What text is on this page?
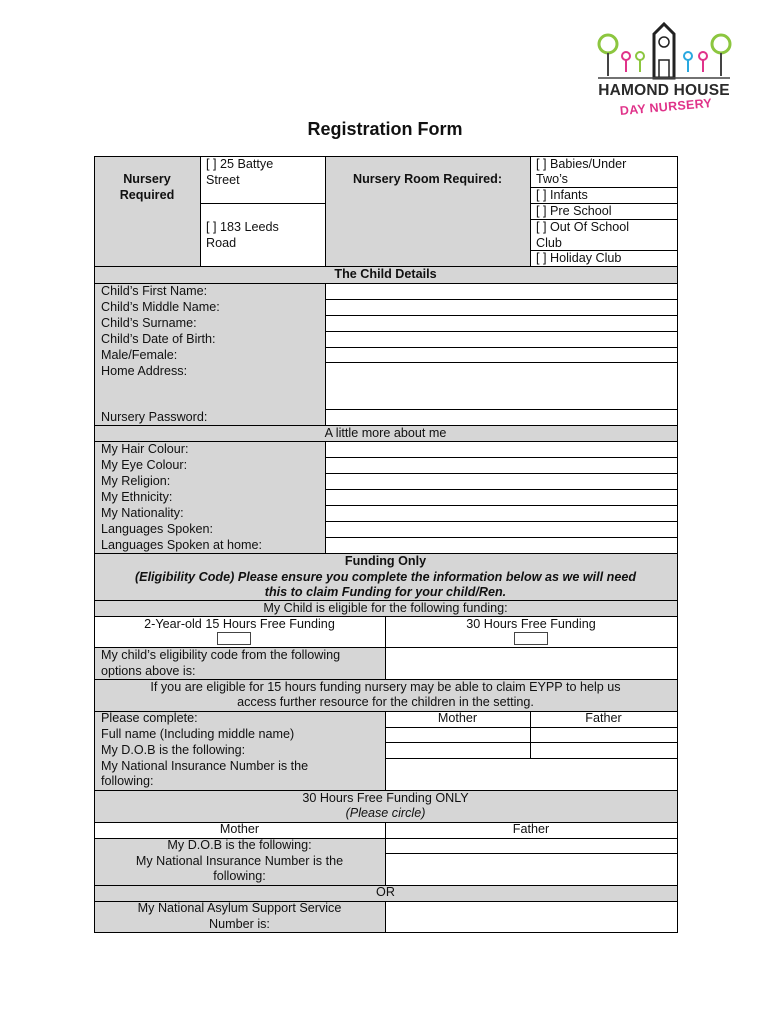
HAMOND HOUSE
DAY NURSERY
Registration Form
Nursery
Required
[ ] 25 Battye
Street
[ ] 183 Leeds
Road
Nursery Room Required:
[ ] Babies/Under
Two’s
[ ] Infants
[ ] Pre School
[ ] Out Of School
Club
[ ] Holiday Club
The Child Details
Child’s First Name:
Child’s Middle Name:
Child’s Surname:
Child’s Date of Birth:
Male/Female:
Home Address:
Nursery Password:
A little more about me
My Hair Colour:
My Eye Colour:
My Religion:
My Ethnicity:
My Nationality:
Languages Spoken:
Languages Spoken at home:
Funding Only
(Eligibility Code) Please ensure you complete the information below as we will need
this to claim Funding for your child/Ren.
My Child is eligible for the following funding:
2-Year-old 15 Hours Free Funding	30 Hours Free Funding
My child’s eligibility code from the following
options above is:
If you are eligible for 15 hours funding nursery may be able to claim EYPP to help us
access further resource for the children in the setting.
Please complete:	Mother	Father
Full name (Including middle name)
My D.O.B is the following:
My National Insurance Number is the
following:
30 Hours Free Funding ONLY
(Please circle)
Mother	Father
My D.O.B is the following:
My National Insurance Number is the
following:
OR
My National Asylum Support Service
Number is:
